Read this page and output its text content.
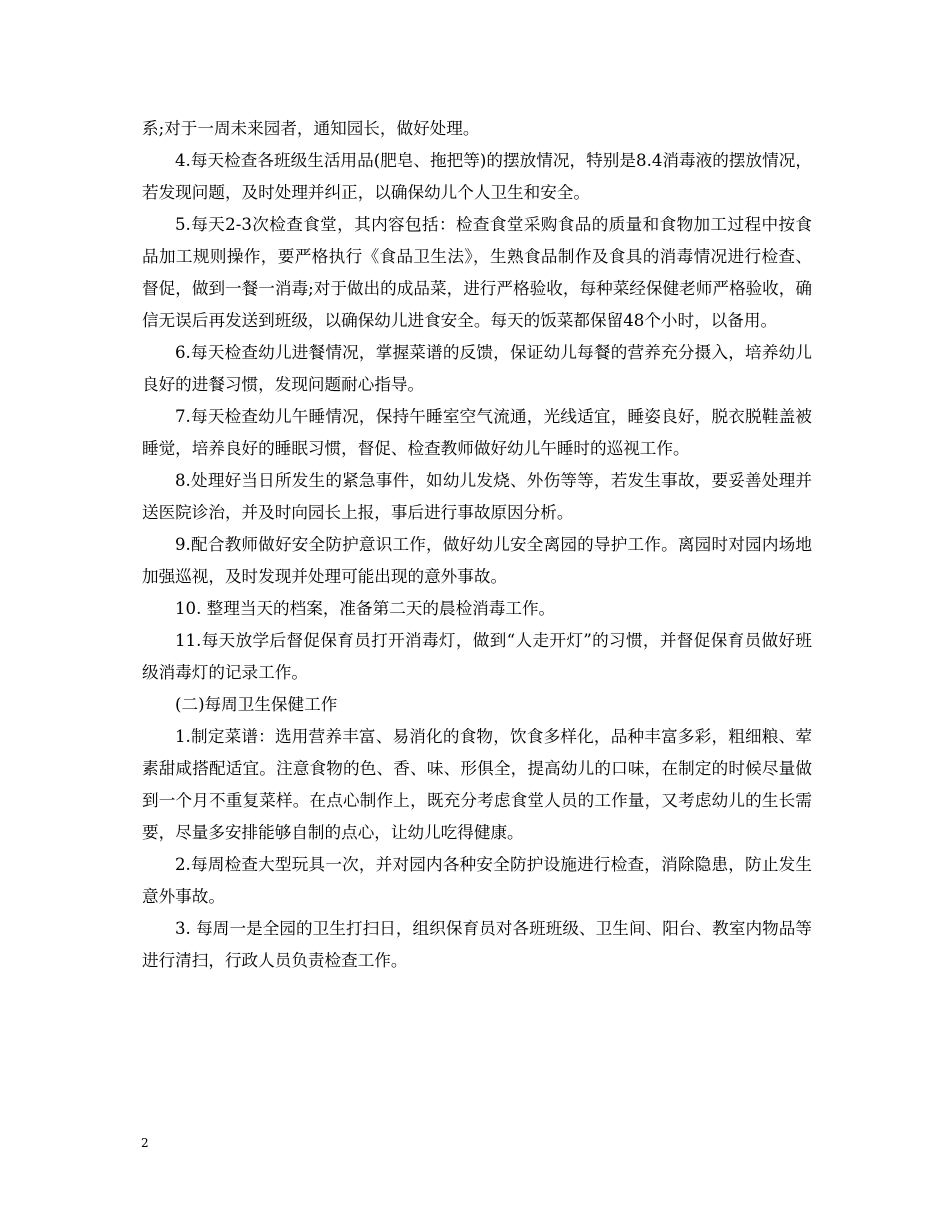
系;对于一周未来园者，通知园长，做好处理。

4.每天检查各班级生活用品(肥皂、拖把等)的摆放情况，特别是8.4消毒液的摆放情况，若发现问题，及时处理并纠正，以确保幼儿个人卫生和安全。

5.每天2-3次检查食堂，其内容包括：检查食堂采购食品的质量和食物加工过程中按食品加工规则操作，要严格执行《食品卫生法》，生熟食品制作及食具的消毒情况进行检查、督促，做到一餐一消毒;对于做出的成品菜，进行严格验收，每种菜经保健老师严格验收，确信无误后再发送到班级，以确保幼儿进食安全。每天的饭菜都保留48个小时，以备用。

6.每天检查幼儿进餐情况，掌握菜谱的反馈，保证幼儿每餐的营养充分摄入，培养幼儿良好的进餐习惯，发现问题耐心指导。

7.每天检查幼儿午睡情况，保持午睡室空气流通，光线适宜，睡姿良好，脱衣脱鞋盖被睡觉，培养良好的睡眠习惯，督促、检查教师做好幼儿午睡时的巡视工作。

8.处理好当日所发生的紧急事件，如幼儿发烧、外伤等等，若发生事故，要妥善处理并送医院诊治，并及时向园长上报，事后进行事故原因分析。

9.配合教师做好安全防护意识工作，做好幼儿安全离园的导护工作。离园时对园内场地加强巡视，及时发现并处理可能出现的意外事故。

10. 整理当天的档案，准备第二天的晨检消毒工作。

11.每天放学后督促保育员打开消毒灯，做到“人走开灯”的习惯，并督促保育员做好班级消毒灯的记录工作。

(二)每周卫生保健工作

1.制定菜谱：选用营养丰富、易消化的食物，饮食多样化，品种丰富多彩，粗细粮、荤素甜咸搭配适宜。注意食物的色、香、味、形俱全，提高幼儿的口味，在制定的时候尽量做到一个月不重复菜样。在点心制作上，既充分考虑食堂人员的工作量，又考虑幼儿的生长需要，尽量多安排能够自制的点心，让幼儿吃得健康。

2.每周检查大型玩具一次，并对园内各种安全防护设施进行检查，消除隐患，防止发生意外事故。

3. 每周一是全园的卫生打扫日，组织保育员对各班班级、卫生间、阳台、教室内物品等进行清扫，行政人员负责检查工作。

2
